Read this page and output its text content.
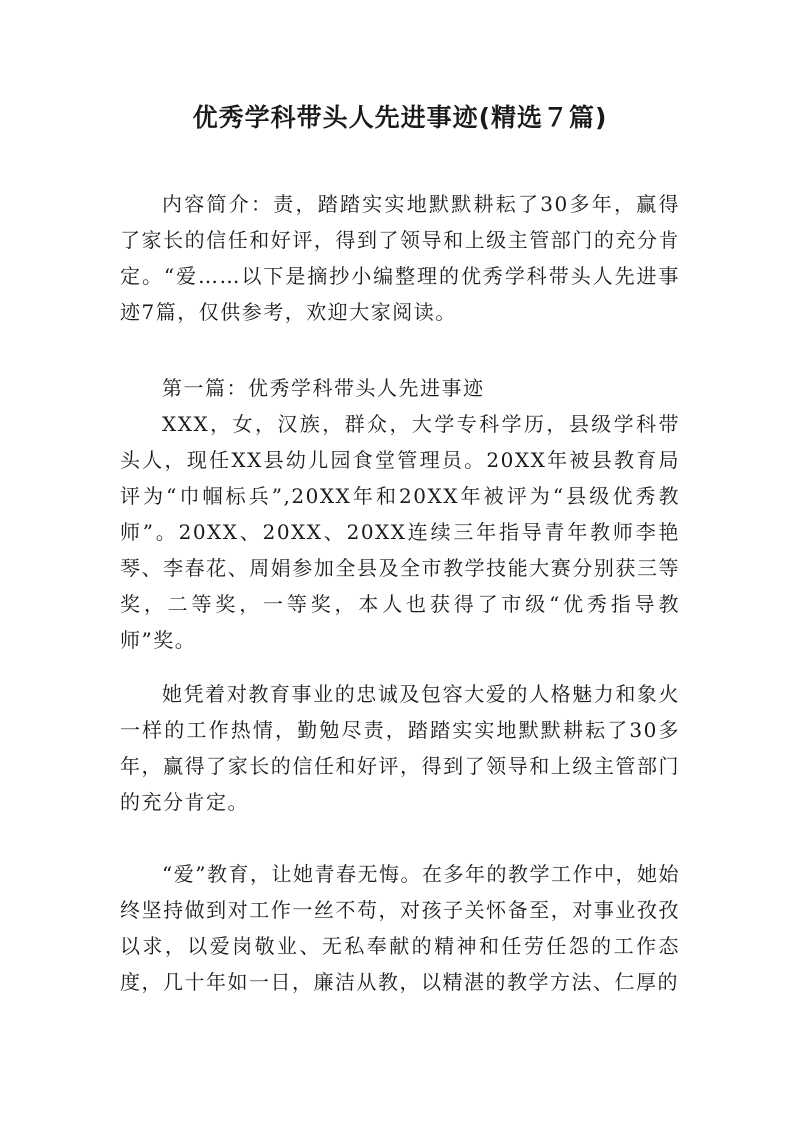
优秀学科带头人先进事迹(精选７篇)

内容简介：责，踏踏实实地默默耕耘了30多年，赢得了家长的信任和好评，得到了领导和上级主管部门的充分肯定。“爱……以下是摘抄小编整理的优秀学科带头人先进事迹7篇，仅供参考，欢迎大家阅读。

第一篇：优秀学科带头人先进事迹

XXX，女，汉族，群众，大学专科学历，县级学科带头人，现任XX县幼儿园食堂管理员。20XX年被县教育局评为“巾帼标兵”,20XX年和20XX年被评为“县级优秀教师”。20XX、20XX、20XX连续三年指导青年教师李艳琴、李春花、周娟参加全县及全市教学技能大赛分别获三等奖，二等奖，一等奖，本人也获得了市级“优秀指导教师”奖。

她凭着对教育事业的忠诚及包容大爱的人格魅力和象火一样的工作热情，勤勉尽责，踏踏实实地默默耕耘了30多年，赢得了家长的信任和好评，得到了领导和上级主管部门的充分肯定。

“爱”教育，让她青春无悔。在多年的教学工作中，她始终坚持做到对工作一丝不苟，对孩子关怀备至，对事业孜孜以求，以爱岗敬业、无私奉献的精神和任劳任怨的工作态度，几十年如一日，廉洁从教，以精湛的教学方法、仁厚的
